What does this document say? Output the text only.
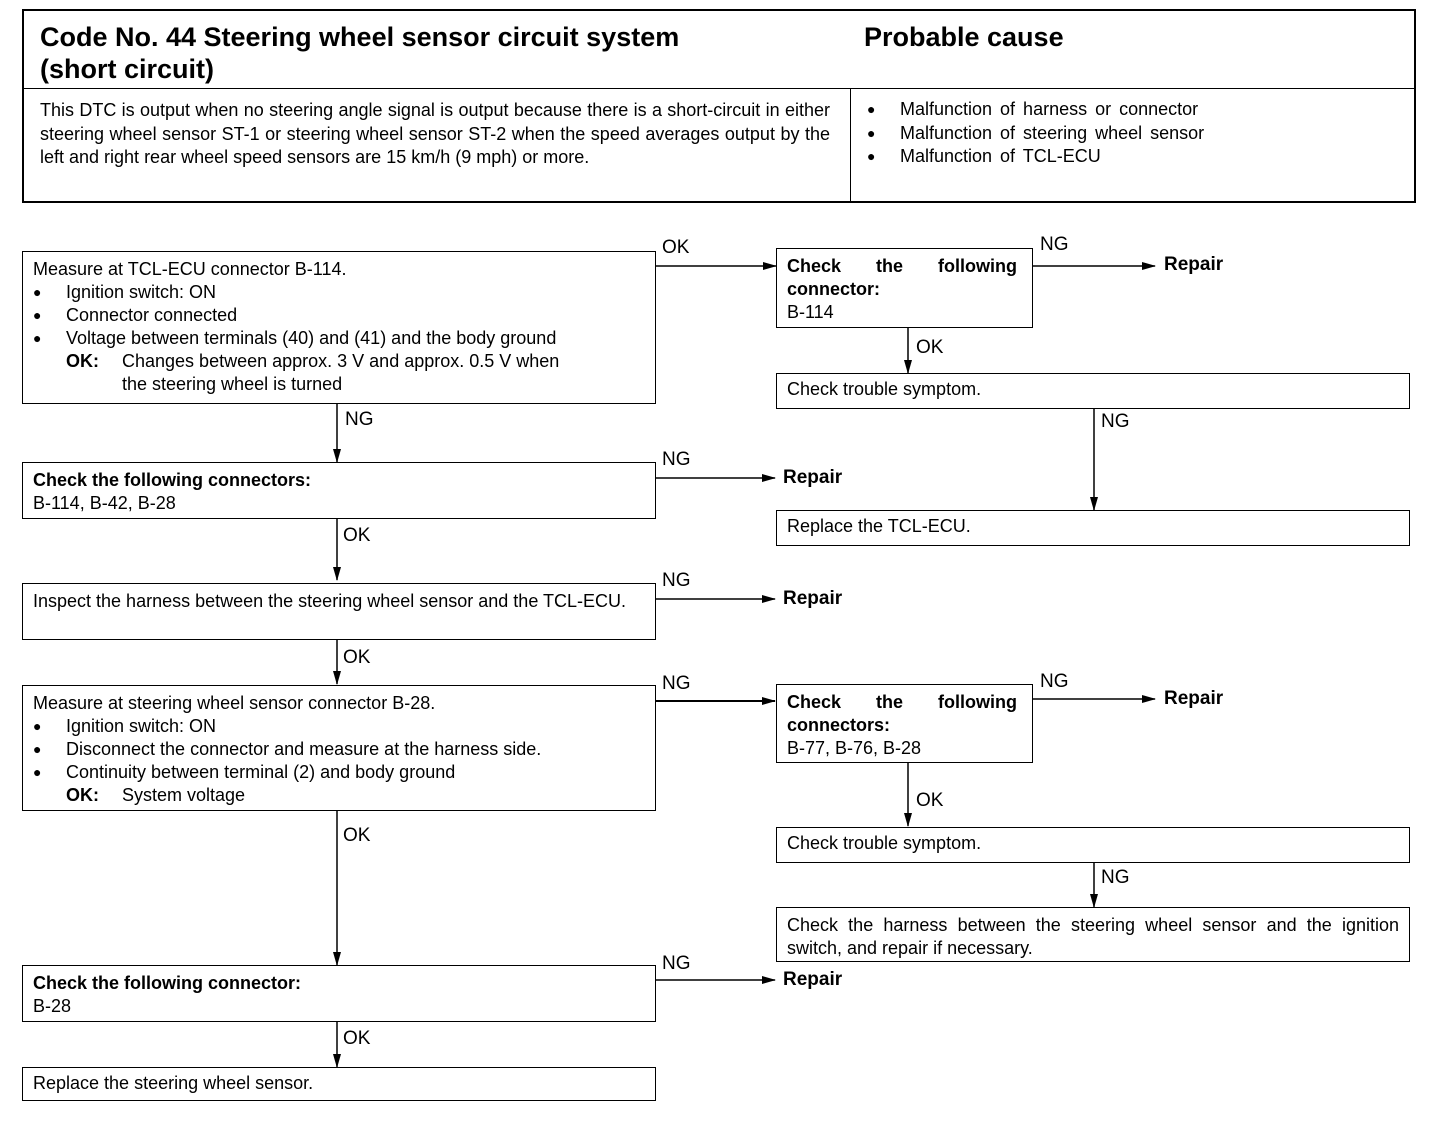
Code No. 44 Steering wheel sensor circuit system
(short circuit)
Probable cause
This DTC is output when no steering angle signal is output because there is a short-circuit in either steering wheel sensor ST-1 or steering wheel sensor ST-2 when the speed averages output by the left and right rear wheel speed sensors are 15 km/h (9 mph) or more.
● Malfunction of harness or connector
● Malfunction of steering wheel sensor
● Malfunction of TCL-ECU
Measure at TCL-ECU connector B-114.
● Ignition switch: ON
● Connector connected
● Voltage between terminals (40) and (41) and the body ground
OK: Changes between approx. 3 V and approx. 0.5 V when
the steering wheel is turned
Check the following connectors:
B-114, B-42, B-28
Inspect the harness between the steering wheel sensor and the TCL-ECU.
Measure at steering wheel sensor connector B-28.
● Ignition switch: ON
● Disconnect the connector and measure at the harness side.
● Continuity between terminal (2) and body ground
OK: System voltage
Check the following connector:
B-28
Replace the steering wheel sensor.
Check the following
connector:
B-114
Check trouble symptom.
Replace the TCL-ECU.
Check the following
connectors:
B-77, B-76, B-28
Check trouble symptom.
Check the harness between the steering wheel sensor and the ignition switch, and repair if necessary.
OK	NG
Repair
OK
NG
NG
NG
Repair
OK
NG
Repair
OK
NG	NG
Repair
OK
NG
OK
NG
Repair
OK
